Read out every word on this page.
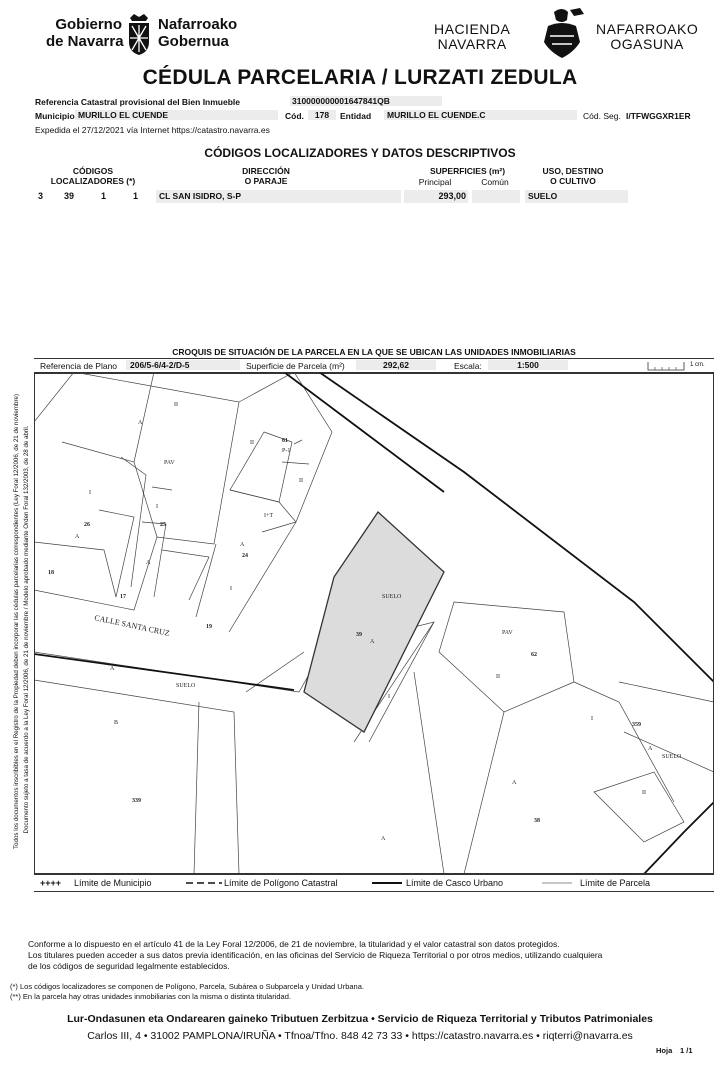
Gobierno
de Navarra
Nafarroako
Gobernua
HACIENDA
NAVARRA
NAFARROAKO
OGASUNA
CÉDULA PARCELARIA / LURZATI ZEDULA
Referencia Catastral provisional del Bien Inmueble	310000000001647841QB
Municipio MURILLO EL CUENDE	Cód.	178	Entidad	MURILLO EL CUENDE.C	Cód. Seg. I/TFWGGXR1ER
Expedida el 27/12/2021 vía Internet https://catastro.navarra.es
CÓDIGOS LOCALIZADORES Y DATOS DESCRIPTIVOS
CÓDIGOS
LOCALIZADORES (*)
DIRECCIÓN
O PARAJE
SUPERFICIES (m²)
Principal	Común
USO, DESTINO
O CULTIVO
3	39	1	1	CL SAN ISIDRO, S-P	293,00	SUELO
Todos los documentos inscribibles en el Registro de la Propiedad deben incorporar las cédulas parcelarias correspondientes (Ley Foral 12/2006, de 21 de noviembre) Documento sujeto a tasa de acuerdo a la Ley Foral 12/2006, de 21 de noviembre / Modelo aprobado mediante Orden Foral 132/2003, de 28 de abril.
CROQUIS DE SITUACIÓN DE LA PARCELA EN LA QUE SE UBICAN LAS UNIDADES INMOBILIARIAS
Referencia de Plano	206/5-6/4-2/D-5	Superficie de Parcela (m²)	292,62	Escala:	1:500	1 cm.
II
A
PAV
II
P-1
61
II
I
26
A
25
I
A
24
A
I
I+T
17
19
18
CALLE SANTA CRUZ
A
SUELO
B
339
SUELO
39
A
I
A
PAV
62
II
I
359
A
SUELO
II
A
38
++++ Límite de Municipio	Límite de Polígono Catastral	Límite de Casco Urbano	Límite de Parcela
Conforme a lo dispuesto en el artículo 41 de la Ley Foral 12/2006, de 21 de noviembre, la titularidad y el valor catastral son datos protegidos.
Los titulares pueden acceder a sus datos previa identificación, en las oficinas del Servicio de Riqueza Territorial o por otros medios, utilizando cualquiera
de los códigos de seguridad legalmente establecidos.
(*) Los códigos localizadores se componen de Polígono, Parcela, Subárea o Subparcela y Unidad Urbana.
(**) En la parcela hay otras unidades inmobiliarias con la misma o distinta titularidad.
Lur-Ondasunen eta Ondarearen gaineko Tributuen Zerbitzua • Servicio de Riqueza Territorial y Tributos Patrimoniales
Carlos III, 4 • 31002 PAMPLONA/IRUÑA • Tfnoa/Tfno. 848 42 73 33 • https://catastro.navarra.es • riqterri@navarra.es
Hoja 1 /1
